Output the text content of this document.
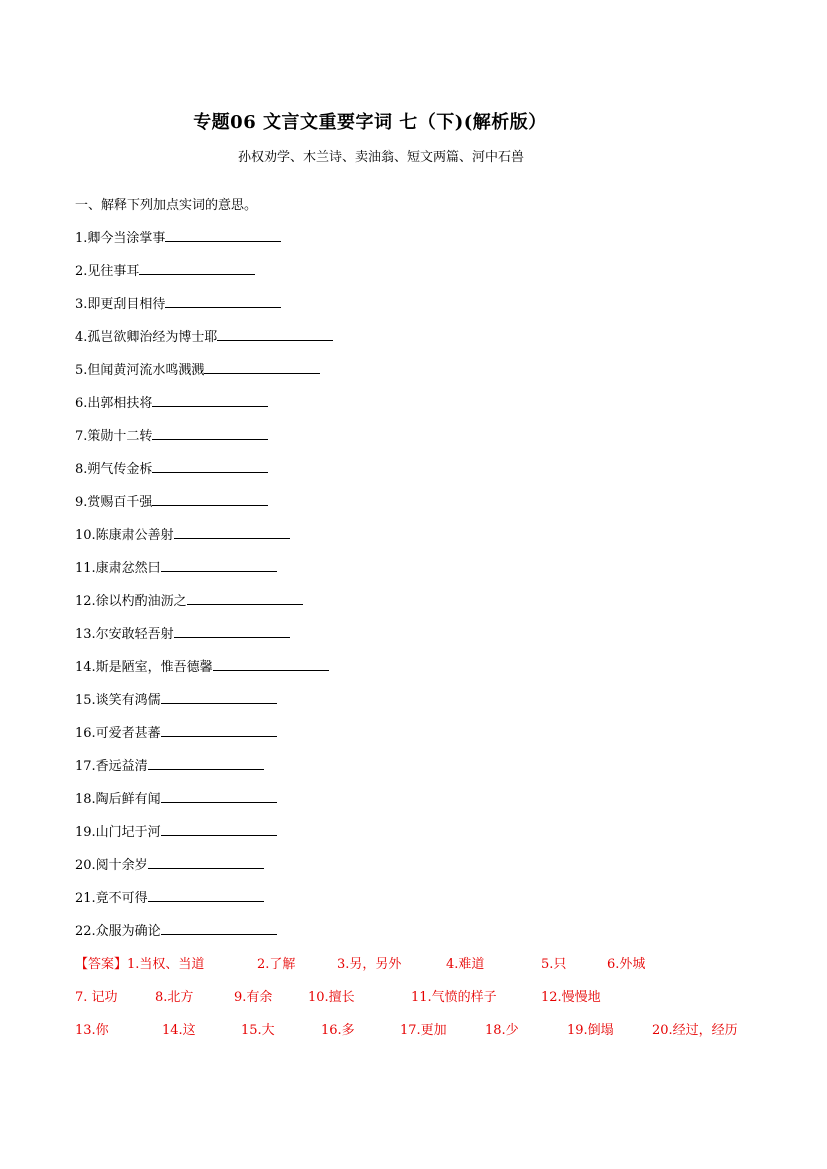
专题06 文言文重要字词 七（下)(解析版）
孙权劝学、木兰诗、卖油翁、短文两篇、河中石兽
一、解释下列加点实词的意思。
1.卿今当涂掌事
2.见往事耳
3.即更刮目相待
4.孤岂欲卿治经为博士耶
5.但闻黄河流水鸣溅溅
6.出郭相扶将
7.策勋十二转
8.朔气传金柝
9.赏赐百千强
10.陈康肃公善射
11.康肃忿然曰
12.徐以杓酌油沥之
13.尔安敢轻吾射
14.斯是陋室，惟吾德馨
15.谈笑有鸿儒
16.可爱者甚蕃
17.香远益清
18.陶后鲜有闻
19.山门圮于河
20.阅十余岁
21.竟不可得
22.众服为确论
【答案】1.当权、当道	2.了解	3.另，另外	4.难道	5.只	6.外城
7. 记功	8.北方	9.有余	10.擅长	11.气愤的样子	12.慢慢地
13.你	14.这	15.大	16.多	17.更加	18.少	19.倒塌	20.经过，经历
